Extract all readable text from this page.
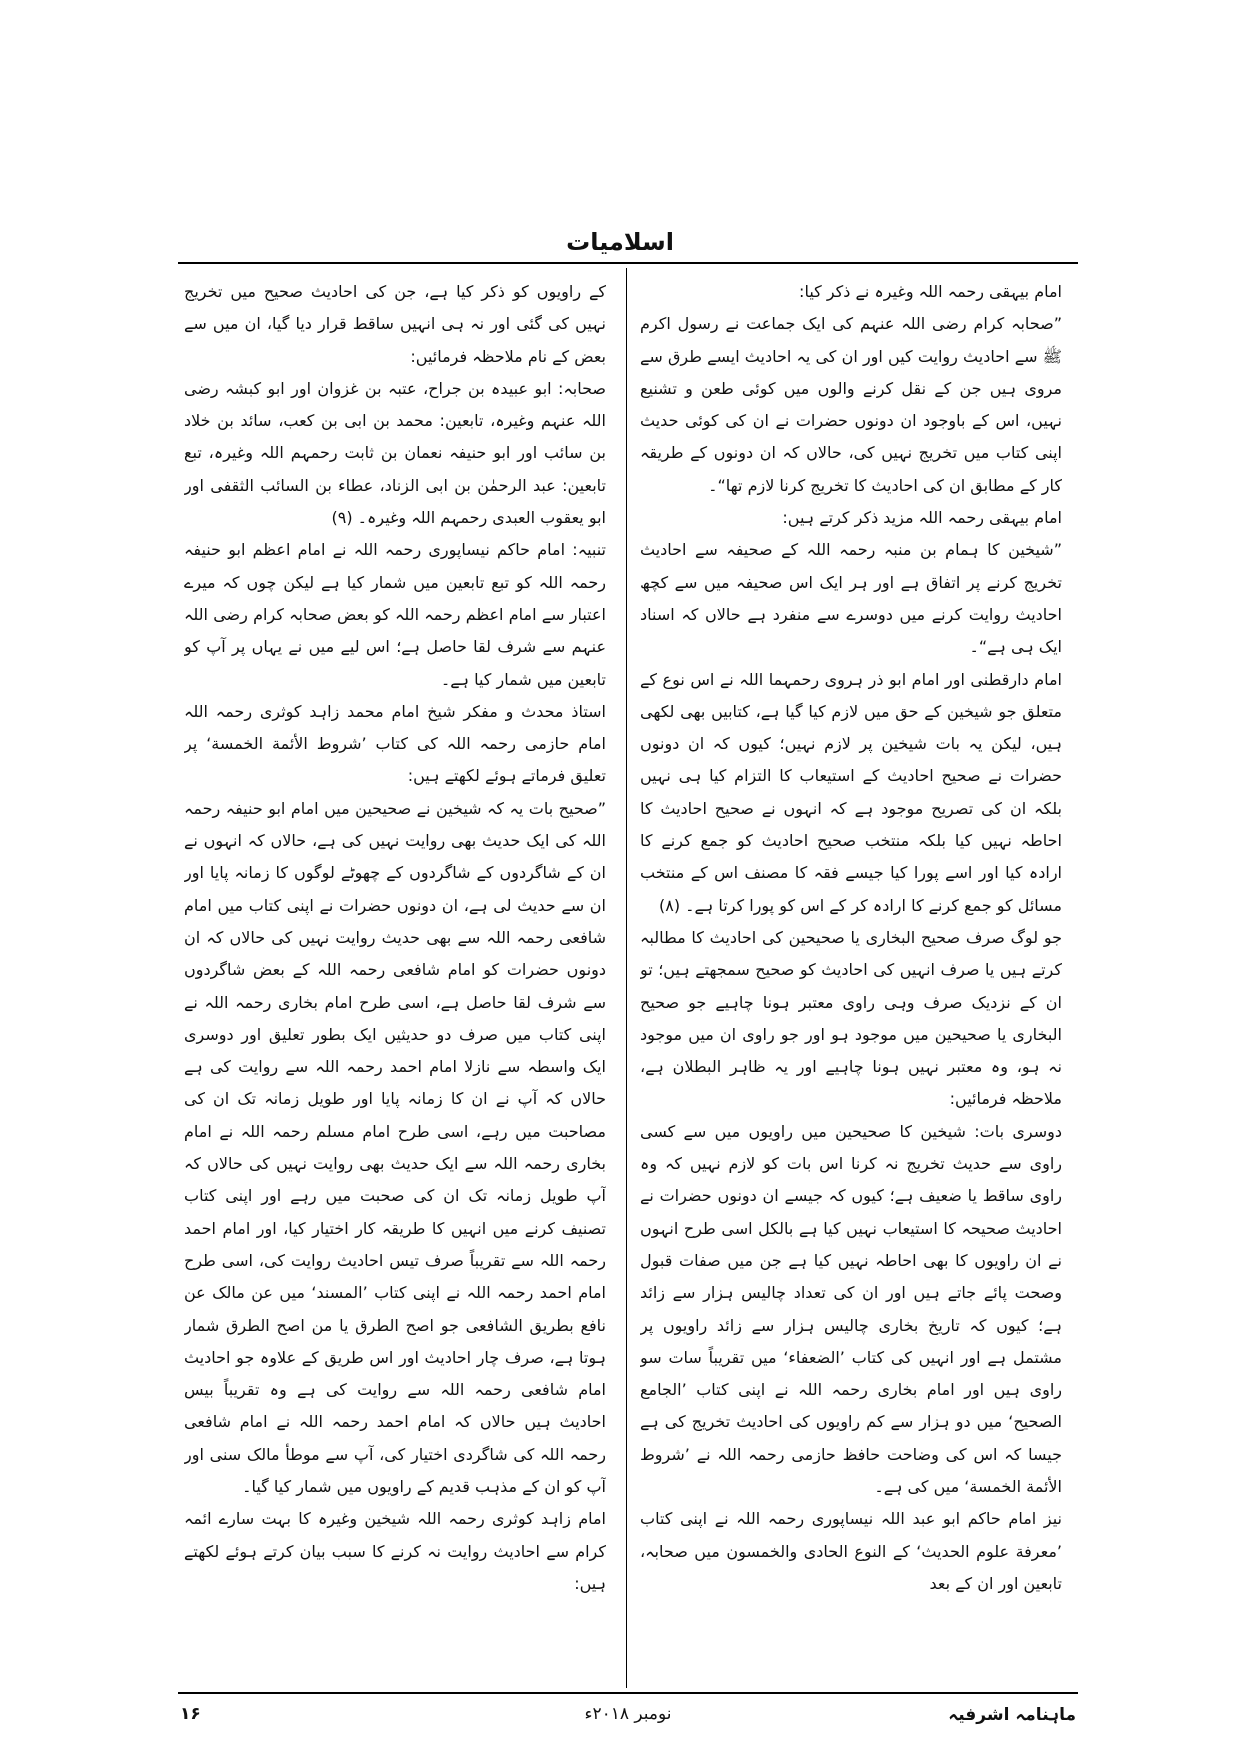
اسلامیات

امام بیہقی رحمہ اللہ وغیرہ نے ذکر کیا:

”صحابہ کرام رضی اللہ عنہم کی ایک جماعت نے رسول اکرم ﷺ سے احادیث روایت کیں اور ان کی یہ احادیث ایسے طرق سے مروی ہیں جن کے نقل کرنے والوں میں کوئی طعن و تشنیع نہیں، اس کے باوجود ان دونوں حضرات نے ان کی کوئی حدیث اپنی کتاب میں تخریج نہیں کی، حالاں کہ ان دونوں کے طریقہ کار کے مطابق ان کی احادیث کا تخریج کرنا لازم تھا“۔

امام بیہقی رحمہ اللہ مزید ذکر کرتے ہیں:

”شیخین کا ہمام بن منبہ رحمہ اللہ کے صحیفہ سے احادیث تخریج کرنے پر اتفاق ہے اور ہر ایک اس صحیفہ میں سے کچھ احادیث روایت کرنے میں دوسرے سے منفرد ہے حالاں کہ اسناد ایک ہی ہے“۔

امام دارقطنی اور امام ابو ذر ہروی رحمہما اللہ نے اس نوع کے متعلق جو شیخین کے حق میں لازم کیا گیا ہے، کتابیں بھی لکھی ہیں، لیکن یہ بات شیخین پر لازم نہیں؛ کیوں کہ ان دونوں حضرات نے صحیح احادیث کے استیعاب کا التزام کیا ہی نہیں بلکہ ان کی تصریح موجود ہے کہ انہوں نے صحیح احادیث کا احاطہ نہیں کیا بلکہ منتخب صحیح احادیث کو جمع کرنے کا ارادہ کیا اور اسے پورا کیا جیسے فقہ کا مصنف اس کے منتخب مسائل کو جمع کرنے کا ارادہ کر کے اس کو پورا کرتا ہے۔ (۸)

جو لوگ صرف صحیح البخاری یا صحیحین کی احادیث کا مطالبہ کرتے ہیں یا صرف انہیں کی احادیث کو صحیح سمجھتے ہیں؛ تو ان کے نزدیک صرف وہی راوی معتبر ہونا چاہیے جو صحیح البخاری یا صحیحین میں موجود ہو اور جو راوی ان میں موجود نہ ہو، وہ معتبر نہیں ہونا چاہیے اور یہ ظاہر البطلان ہے، ملاحظہ فرمائیں:

دوسری بات: شیخین کا صحیحین میں راویوں میں سے کسی راوی سے حدیث تخریج نہ کرنا اس بات کو لازم نہیں کہ وہ راوی ساقط یا ضعیف ہے؛ کیوں کہ جیسے ان دونوں حضرات نے احادیث صحیحہ کا استیعاب نہیں کیا ہے بالکل اسی طرح انہوں نے ان راویوں کا بھی احاطہ نہیں کیا ہے جن میں صفات قبول وصحت پائے جاتے ہیں اور ان کی تعداد چالیس ہزار سے زائد ہے؛ کیوں کہ تاریخ بخاری چالیس ہزار سے زائد راویوں پر مشتمل ہے اور انہیں کی کتاب ’الضعفاء‘ میں تقریباً سات سو راوی ہیں اور امام بخاری رحمہ اللہ نے اپنی کتاب ’الجامع الصحیح‘ میں دو ہزار سے کم راویوں کی احادیث تخریج کی ہے جیسا کہ اس کی وضاحت حافظ حازمی رحمہ اللہ نے ’شروط الأئمة الخمسة‘ میں کی ہے۔

نیز امام حاکم ابو عبد اللہ نیساپوری رحمہ اللہ نے اپنی کتاب ’معرفة علوم الحدیث‘ کے النوع الحادی والخمسون میں صحابہ، تابعین اور ان کے بعد

کے راویوں کو ذکر کیا ہے، جن کی احادیث صحیح میں تخریج نہیں کی گئی اور نہ ہی انہیں ساقط قرار دیا گیا، ان میں سے بعض کے نام ملاحظہ فرمائیں:

صحابہ: ابو عبیدہ بن جراح، عتبہ بن غزوان اور ابو کبشہ رضی اللہ عنہم وغیرہ، تابعین: محمد بن ابی بن کعب، سائد بن خلاد بن سائب اور ابو حنیفہ نعمان بن ثابت رحمہم اللہ وغیرہ، تبع تابعین: عبد الرحمٰن بن ابی الزناد، عطاء بن السائب الثقفی اور ابو یعقوب العبدی رحمہم اللہ وغیرہ۔ (۹)

تنبیہ: امام حاکم نیساپوری رحمہ اللہ نے امام اعظم ابو حنیفہ رحمہ اللہ کو تبع تابعین میں شمار کیا ہے لیکن چوں کہ میرے اعتبار سے امام اعظم رحمہ اللہ کو بعض صحابہ کرام رضی اللہ عنہم سے شرف لقا حاصل ہے؛ اس لیے میں نے یہاں پر آپ کو تابعین میں شمار کیا ہے۔

استاذ محدث و مفکر شیخ امام محمد زاہد کوثری رحمہ اللہ امام حازمی رحمہ اللہ کی کتاب ’شروط الأئمة الخمسة‘ پر تعلیق فرماتے ہوئے لکھتے ہیں:

”صحیح بات یہ کہ شیخین نے صحیحین میں امام ابو حنیفہ رحمہ اللہ کی ایک حدیث بھی روایت نہیں کی ہے، حالاں کہ انہوں نے ان کے شاگردوں کے شاگردوں کے چھوٹے لوگوں کا زمانہ پایا اور ان سے حدیث لی ہے، ان دونوں حضرات نے اپنی کتاب میں امام شافعی رحمہ اللہ سے بھی حدیث روایت نہیں کی حالاں کہ ان دونوں حضرات کو امام شافعی رحمہ اللہ کے بعض شاگردوں سے شرف لقا حاصل ہے، اسی طرح امام بخاری رحمہ اللہ نے اپنی کتاب میں صرف دو حدیثیں ایک بطور تعلیق اور دوسری ایک واسطہ سے نازلا امام احمد رحمہ اللہ سے روایت کی ہے حالاں کہ آپ نے ان کا زمانہ پایا اور طویل زمانہ تک ان کی مصاحبت میں رہے، اسی طرح امام مسلم رحمہ اللہ نے امام بخاری رحمہ اللہ سے ایک حدیث بھی روایت نہیں کی حالاں کہ آپ طویل زمانہ تک ان کی صحبت میں رہے اور اپنی کتاب تصنیف کرنے میں انہیں کا طریقہ کار اختیار کیا، اور امام احمد رحمہ اللہ سے تقریباً صرف تیس احادیث روایت کی، اسی طرح امام احمد رحمہ اللہ نے اپنی کتاب ’المسند‘ میں عن مالک عن نافع بطریق الشافعی جو اصح الطرق یا من اصح الطرق شمار ہوتا ہے، صرف چار احادیث اور اس طریق کے علاوہ جو احادیث امام شافعی رحمہ اللہ سے روایت کی ہے وہ تقریباً بیس احادیث ہیں حالاں کہ امام احمد رحمہ اللہ نے امام شافعی رحمہ اللہ کی شاگردی اختیار کی، آپ سے موطأ مالک سنی اور آپ کو ان کے مذہب قدیم کے راویوں میں شمار کیا گیا۔

امام زاہد کوثری رحمہ اللہ شیخین وغیرہ کا بہت سارے ائمہ کرام سے احادیث روایت نہ کرنے کا سبب بیان کرتے ہوئے لکھتے ہیں:

ماہنامہ اشرفیہ
نومبر ۲۰۱۸ء
۱۶
